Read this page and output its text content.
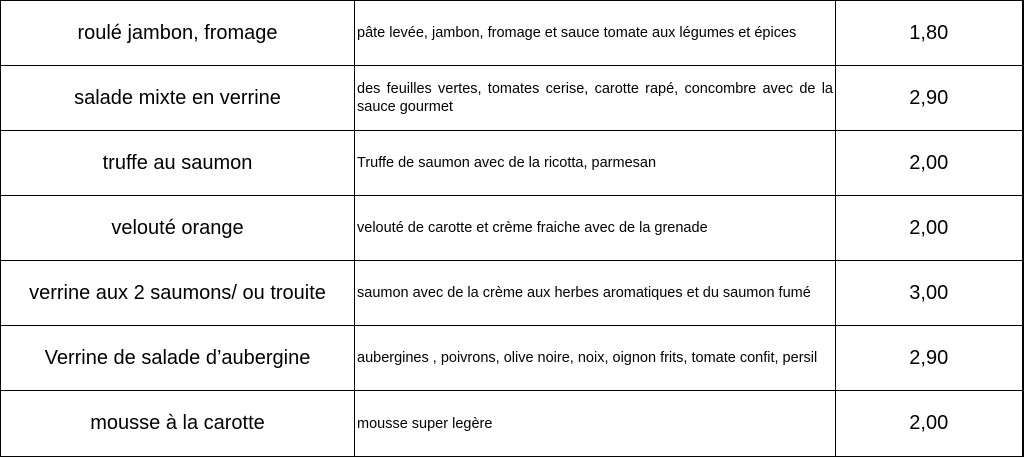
roulé jambon, fromage	pâte levée, jambon, fromage et sauce tomate aux légumes et épices	1,80
salade mixte en verrine	des feuilles vertes, tomates cerise, carotte rapé, concombre avec de la sauce gourmet	2,90
truffe au saumon	Truffe de saumon avec de la ricotta, parmesan	2,00
velouté orange	velouté de carotte et crème fraiche avec de la grenade	2,00
verrine aux 2 saumons/ ou trouite	saumon avec de la crème aux herbes aromatiques et du saumon fumé	3,00
Verrine de salade d’aubergine	aubergines , poivrons, olive noire, noix, oignon frits, tomate confit, persil	2,90
mousse à la carotte	mousse super legère	2,00
